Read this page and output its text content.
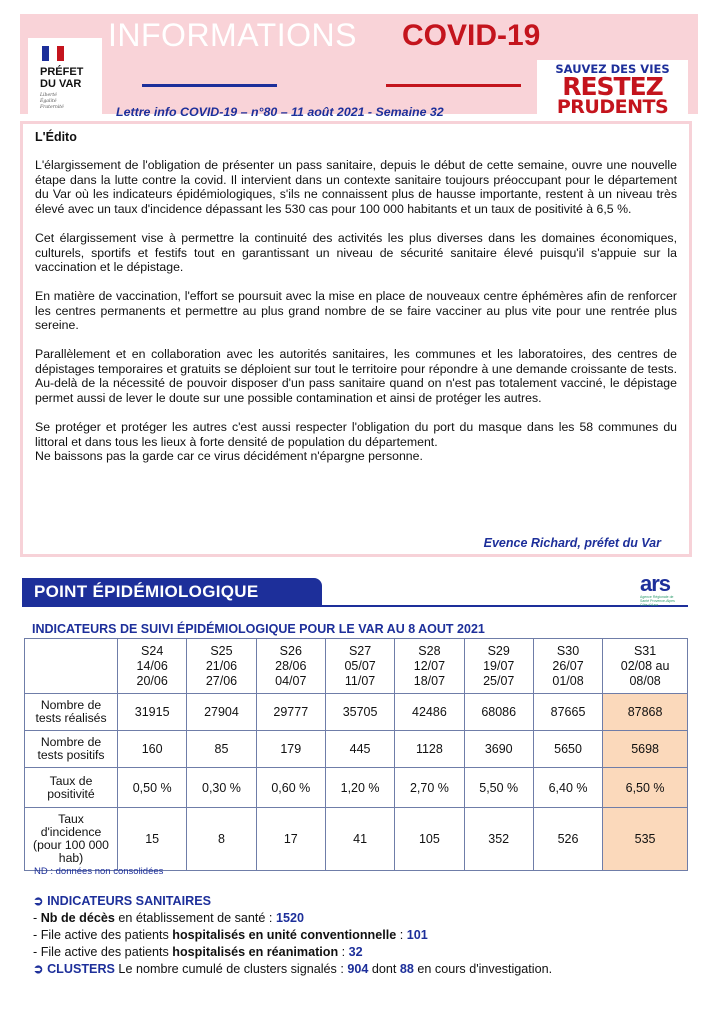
PRÉFET
DU VAR
Liberté
Égalité
Fraternité
INFORMATIONS COVID-19
SAUVEZ DES VIES
RESTEZ
PRUDENTS
Lettre info COVID-19 – n°80 – 11 août 2021 - Semaine 32
L'Édito

L'élargissement de l'obligation de présenter un pass sanitaire, depuis le début de cette semaine, ouvre une nouvelle étape dans la lutte contre la covid. Il intervient dans un contexte sanitaire toujours préoccupant pour le département du Var où les indicateurs épidémiologiques, s'ils ne connaissent plus de hausse importante, restent à un niveau très élevé avec un taux d'incidence dépassant les 530 cas pour 100 000 habitants et un taux de positivité à 6,5 %.

Cet élargissement vise à permettre la continuité des activités les plus diverses dans les domaines économiques, culturels, sportifs et festifs tout en garantissant un niveau de sécurité sanitaire élevé puisqu'il s'appuie sur la vaccination et le dépistage.

En matière de vaccination, l'effort se poursuit avec la mise en place de nouveaux centre éphémères afin de renforcer les centres permanents et permettre au plus grand nombre de se faire vacciner au plus vite pour une rentrée plus sereine.

Parallèlement et en collaboration avec les autorités sanitaires, les communes et les laboratoires, des centres de dépistages temporaires et gratuits se déploient sur tout le territoire pour répondre à une demande croissante de tests. Au-delà de la nécessité de pouvoir disposer d'un pass sanitaire quand on n'est pas totalement vacciné, le dépistage permet aussi de lever le doute sur une possible contamination et ainsi de protéger les autres.

Se protéger et protéger les autres c'est aussi respecter l'obligation du port du masque dans les 58 communes du littoral et dans tous les lieux à forte densité de population du département.
Ne baissons pas la garde car ce virus décidément n'épargne personne.

Evence Richard, préfet du Var
POINT ÉPIDÉMIOLOGIQUE	ars
Agence Régionale de Santé Provence-Alpes Côte d'Azur
INDICATEURS DE SUIVI ÉPIDÉMIOLOGIQUE POUR LE VAR AU 8 AOUT 2021
	S24
14/06
20/06	S25
21/06
27/06	S26
28/06
04/07	S27
05/07
11/07	S28
12/07
18/07	S29
19/07
25/07	S30
26/07
01/08	S31
02/08 au
08/08
Nombre de tests réalisés	31915	27904	29777	35705	42486	68086	87665	87868
Nombre de tests positifs	160	85	179	445	1128	3690	5650	5698
Taux de positivité	0,50 %	0,30 %	0,60 %	1,20 %	2,70 %	5,50 %	6,40 %	6,50 %
Taux d'incidence (pour 100 000 hab)	15	8	17	41	105	352	526	535
ND : données non consolidées
➲ INDICATEURS SANITAIRES
- Nb de décès en établissement de santé : 1520
- File active des patients hospitalisés en unité conventionnelle : 101
- File active des patients hospitalisés en réanimation : 32
➲ CLUSTERS Le nombre cumulé de clusters signalés : 904 dont 88 en cours d'investigation.
